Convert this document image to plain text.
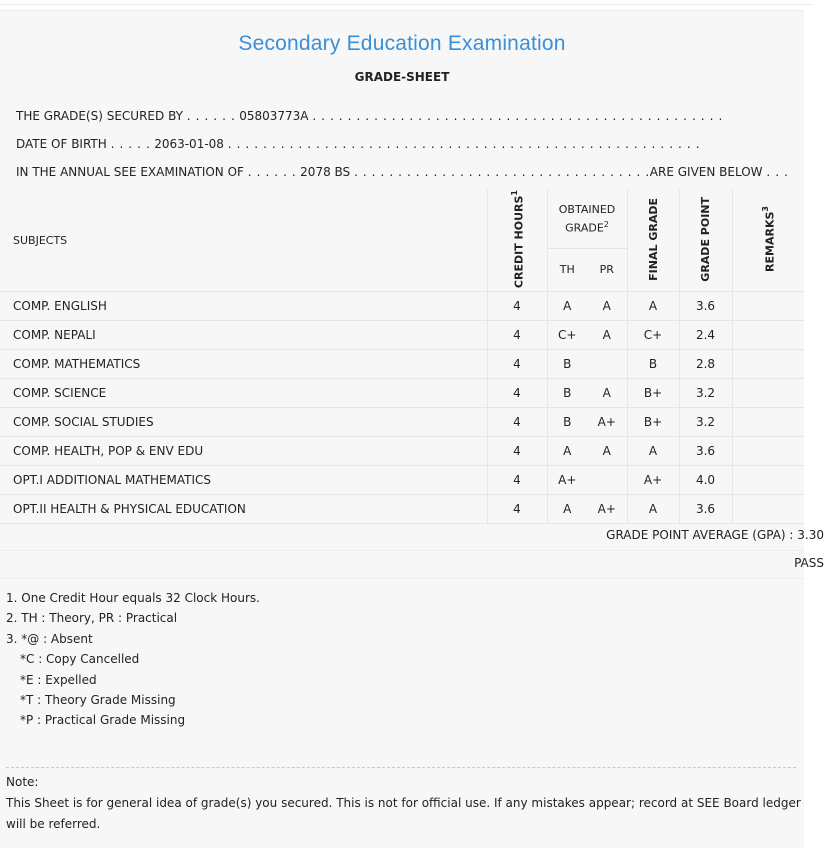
Secondary Education Examination
GRADE-SHEET
THE GRADE(S) SECURED BY . . . . . . 05803773A . . . . . . . . . . . . . . . . . . . . . . . . . . . . . . . . . . . . . . . . . . . . . . .
DATE OF BIRTH . . . . . 2063-01-08 . . . . . . . . . . . . . . . . . . . . . . . . . . . . . . . . . . . . . . . . . . . . . . . . . . . . . .
IN THE ANNUAL SEE EXAMINATION OF . . . . . . 2078 BS . . . . . . . . . . . . . . . . . . . . . . . . . . . . . . . . . .ARE GIVEN BELOW . . .
SUBJECTS	CREDIT HOURS$^1$	OBTAINED GRADE$^2$		FINAL GRADE	GRADE POINT	REMARKS$^3$
		TH	PR			
COMP. ENGLISH	4	A	A	A	3.6	
COMP. NEPALI	4	C+	A	C+	2.4	
COMP. MATHEMATICS	4	B		B	2.8	
COMP. SCIENCE	4	B	A	B+	3.2	
COMP. SOCIAL STUDIES	4	B	A+	B+	3.2	
COMP. HEALTH, POP & ENV EDU	4	A	A	A	3.6	
OPT.I ADDITIONAL MATHEMATICS	4	A+		A+	4.0	
OPT.II HEALTH & PHYSICAL EDUCATION	4	A	A+	A	3.6	
GRADE POINT AVERAGE (GPA) : 3.30
PASS
1. One Credit Hour equals 32 Clock Hours.
2. TH : Theory, PR : Practical
3. *@ : Absent
*C : Copy Cancelled
*E : Expelled
*T : Theory Grade Missing
*P : Practical Grade Missing
Note:
This Sheet is for general idea of grade(s) you secured. This is not for official use. If any mistakes appear; record at SEE Board ledger will be referred.
